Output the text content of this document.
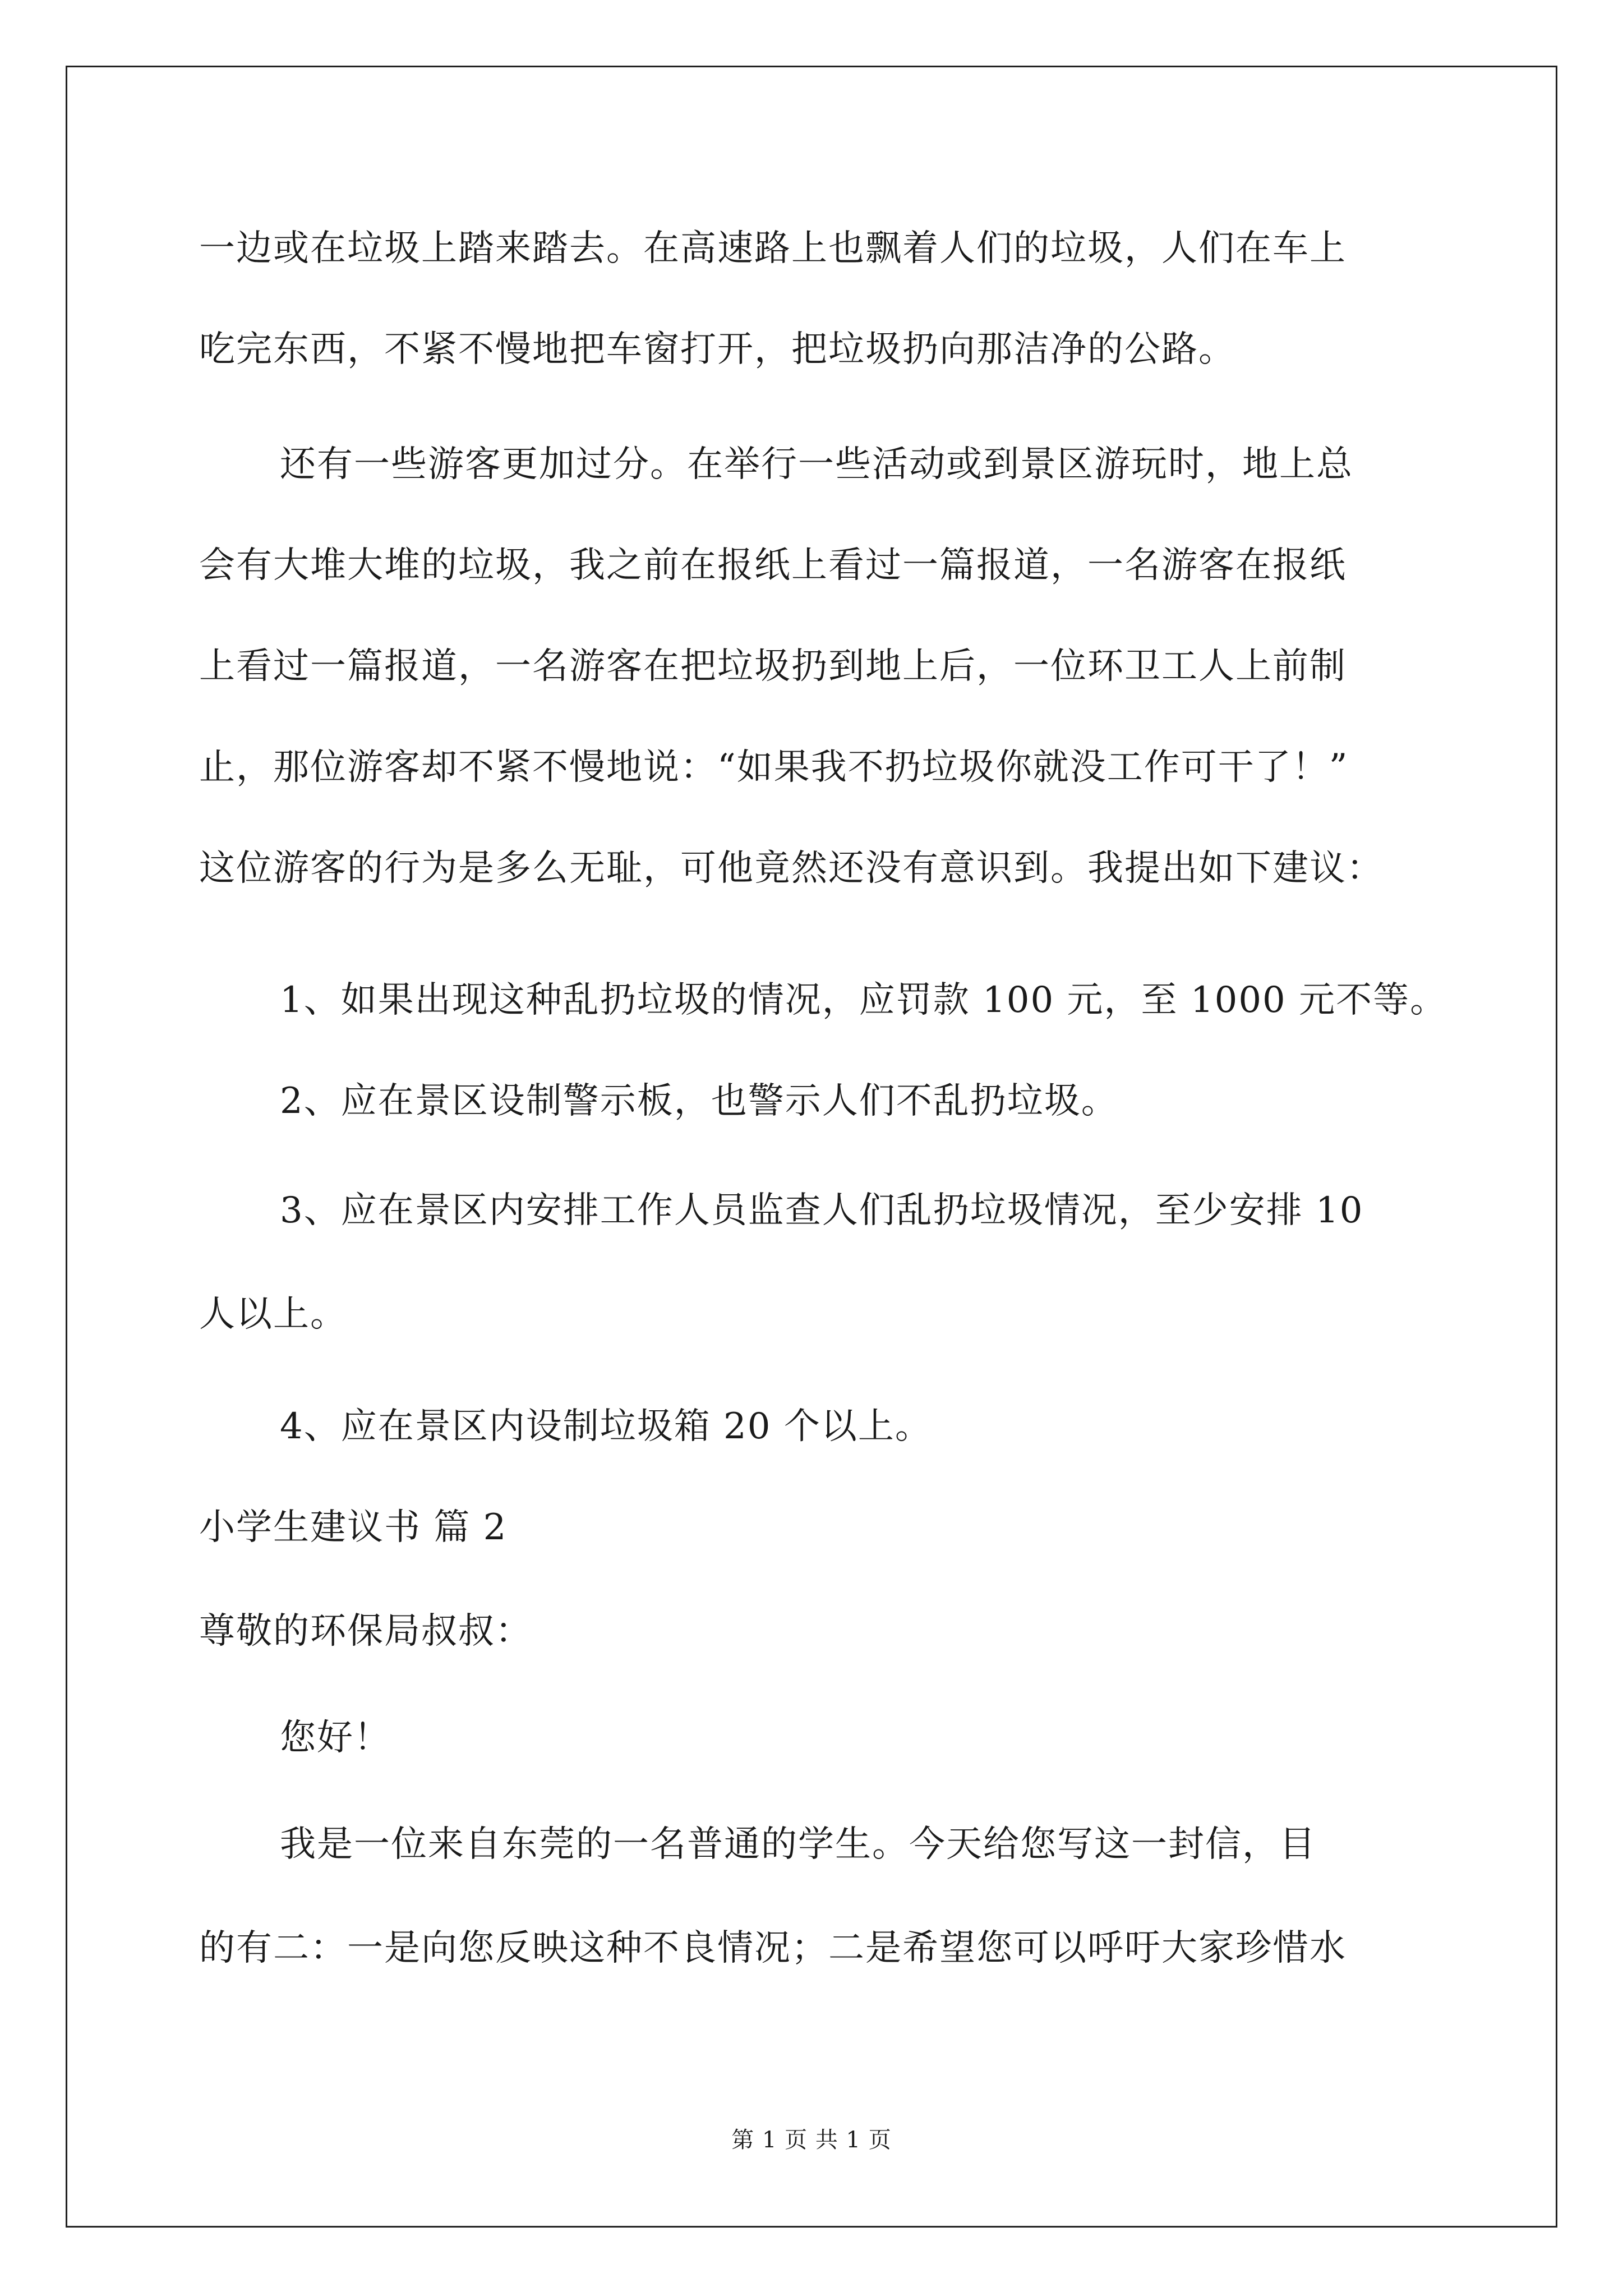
一边或在垃圾上踏来踏去。在高速路上也飘着人们的垃圾，人们在车上
吃完东西，不紧不慢地把车窗打开，把垃圾扔向那洁净的公路。
还有一些游客更加过分。在举行一些活动或到景区游玩时，地上总
会有大堆大堆的垃圾，我之前在报纸上看过一篇报道，一名游客在报纸
上看过一篇报道，一名游客在把垃圾扔到地上后，一位环卫工人上前制
止，那位游客却不紧不慢地说：“如果我不扔垃圾你就没工作可干了！”
这位游客的行为是多么无耻，可他竟然还没有意识到。我提出如下建议：
1、如果出现这种乱扔垃圾的情况，应罚款 100 元，至 1000 元不等。
2、应在景区设制警示板，也警示人们不乱扔垃圾。
3、应在景区内安排工作人员监查人们乱扔垃圾情况，至少安排 10
人以上。
4、应在景区内设制垃圾箱 20 个以上。
小学生建议书 篇 2
尊敬的环保局叔叔：
您好！
我是一位来自东莞的一名普通的学生。今天给您写这一封信，目
的有二：一是向您反映这种不良情况；二是希望您可以呼吁大家珍惜水
第 1 页 共 1 页
